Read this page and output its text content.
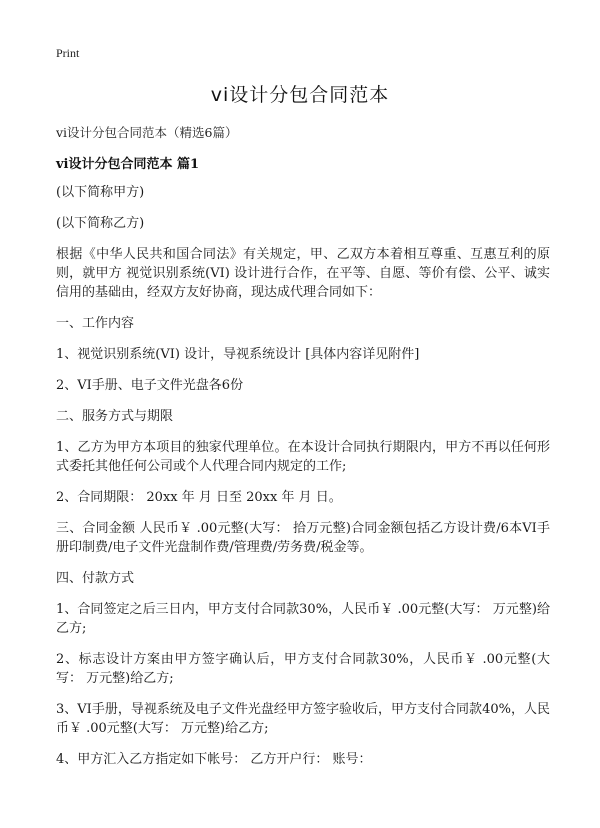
Print
vi设计分包合同范本
vi设计分包合同范本（精选6篇）
vi设计分包合同范本 篇1

(以下简称甲方)

(以下简称乙方)

根据《中华人民共和国合同法》有关规定，甲、乙双方本着相互尊重、互惠互利的原则，就甲方 视觉识别系统(VI) 设计进行合作，在平等、自愿、等价有偿、公平、诚实信用的基础由，经双方友好协商，现达成代理合同如下：

一、工作内容

1、视觉识别系统(VI) 设计，导视系统设计 [具体内容详见附件]

2、VI手册、电子文件光盘各6份

二、服务方式与期限

1、乙方为甲方本项目的独家代理单位。在本设计合同执行期限内，甲方不再以任何形式委托其他任何公司或个人代理合同内规定的工作;

2、合同期限： 20xx 年 月 日至 20xx 年 月 日。

三、合同金额 人民币￥ .00元整(大写： 拾万元整)合同金额包括乙方设计费/6本VI手册印制费/电子文件光盘制作费/管理费/劳务费/税金等。

四、付款方式

1、合同签定之后三日内，甲方支付合同款30%，人民币￥ .00元整(大写： 万元整)给乙方;

2、标志设计方案由甲方签字确认后，甲方支付合同款30%，人民币￥ .00元整(大写： 万元整)给乙方;

3、VI手册，导视系统及电子文件光盘经甲方签字验收后，甲方支付合同款40%，人民币￥ .00元整(大写： 万元整)给乙方;

4、甲方汇入乙方指定如下帐号： 乙方开户行： 账号：
